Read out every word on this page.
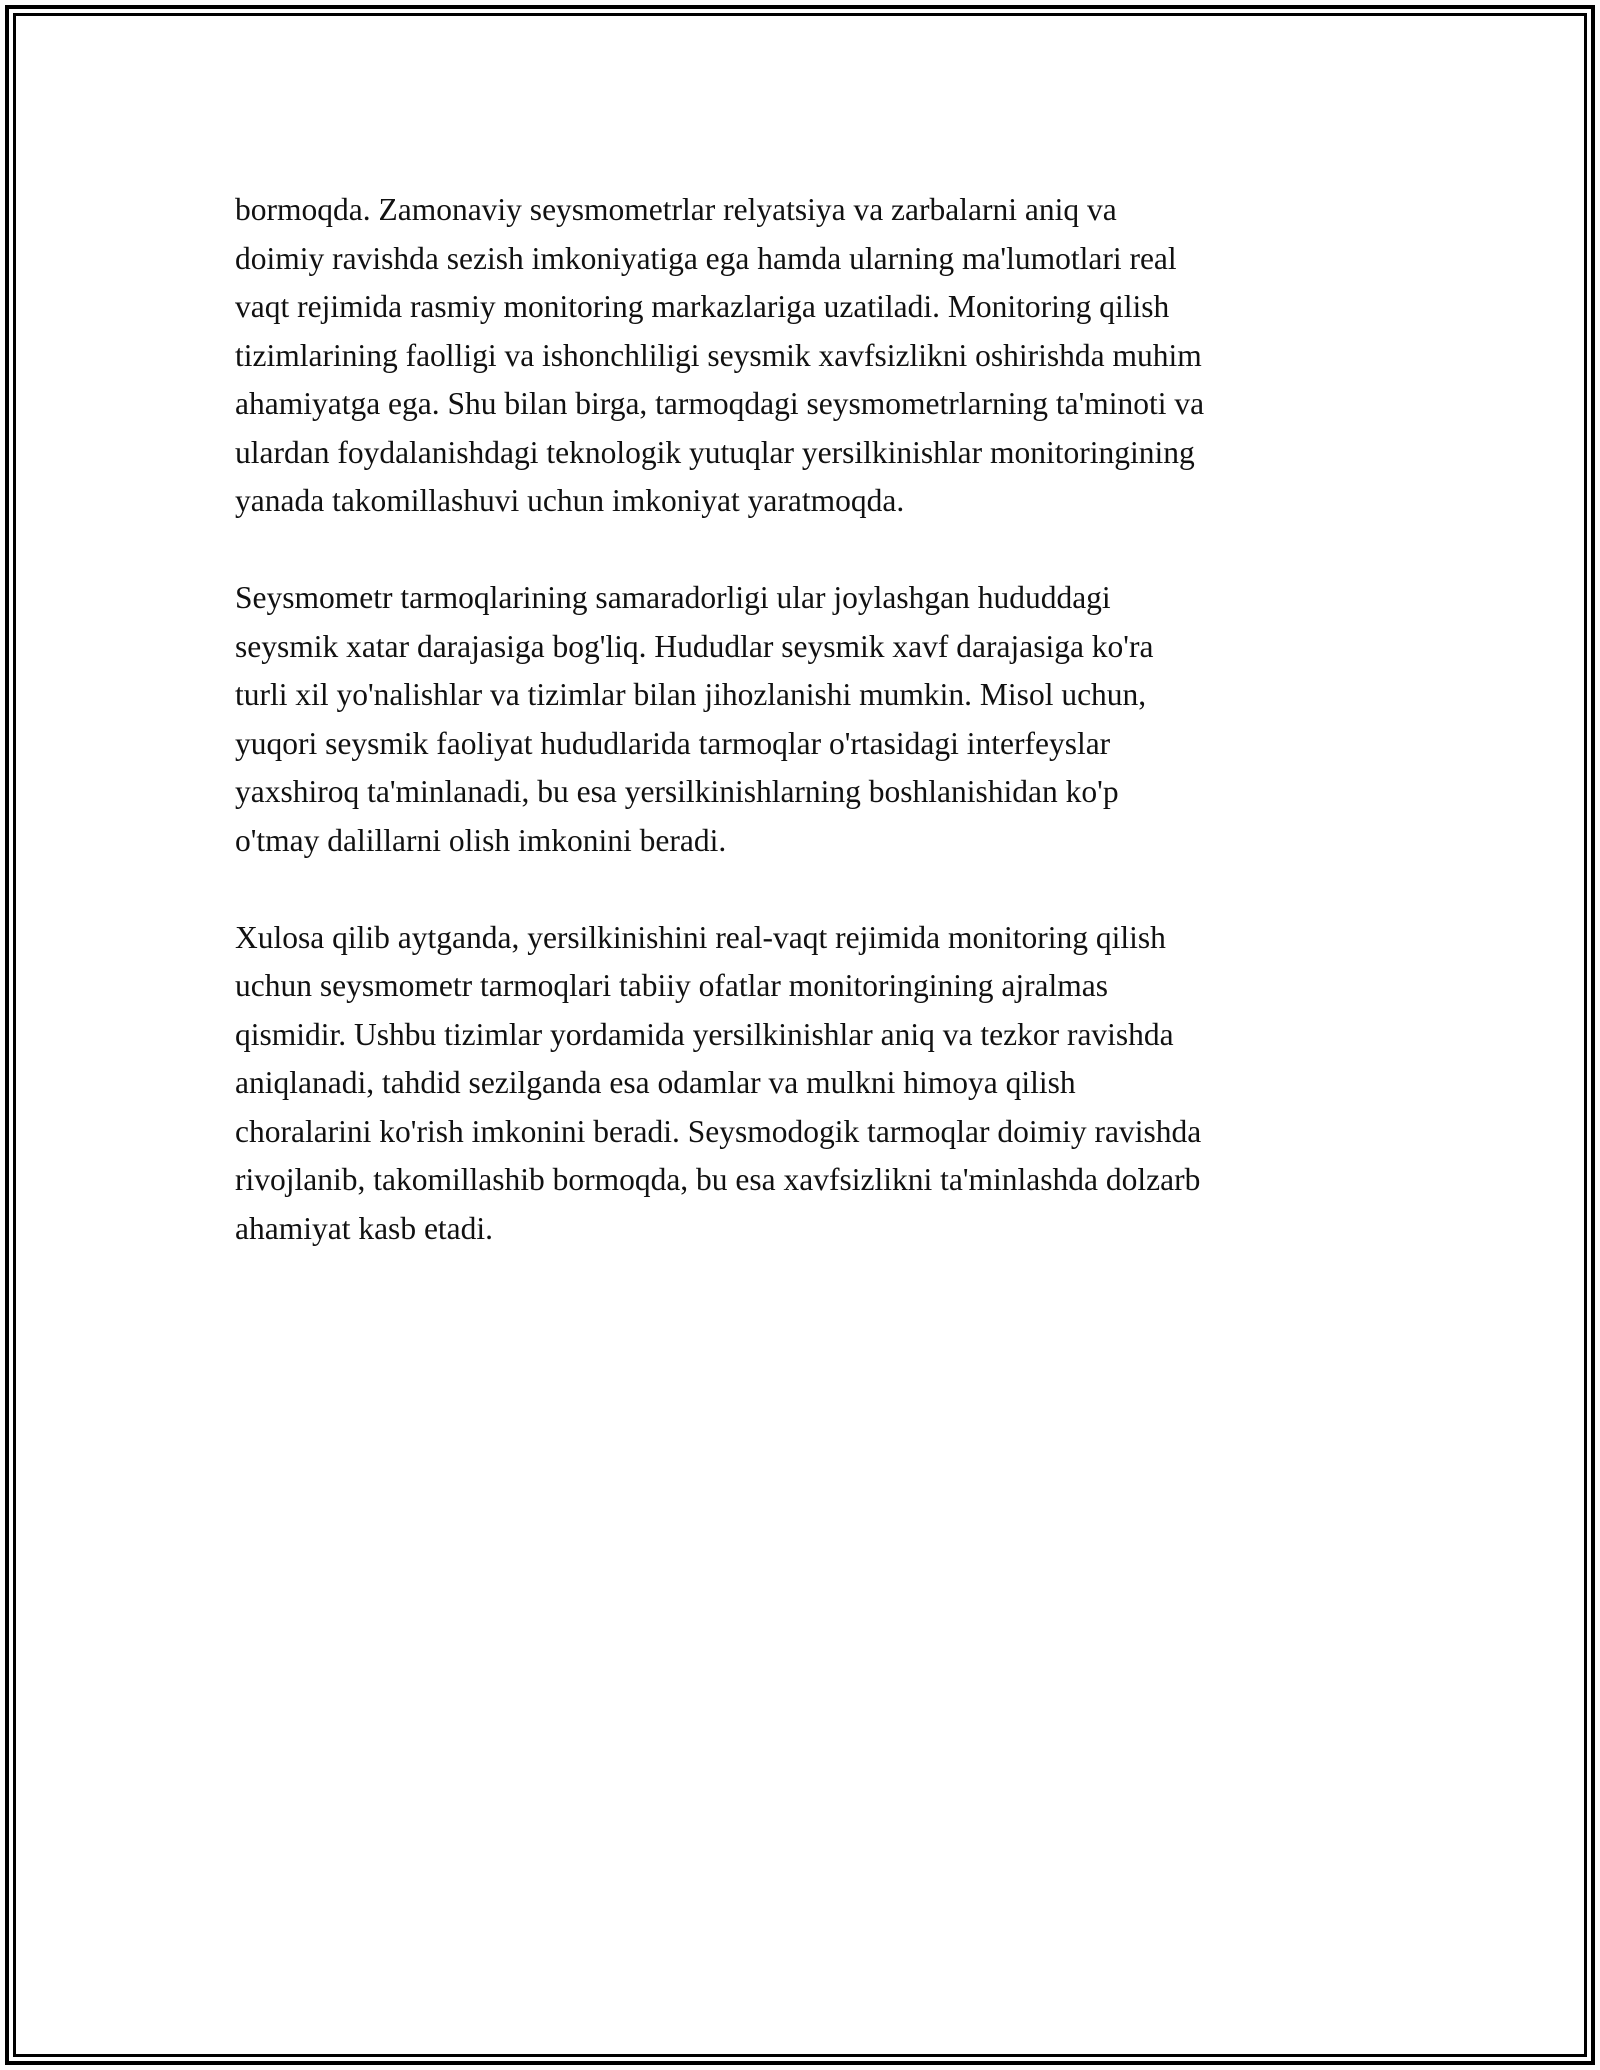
bormoqda. Zamonaviy seysmometrlar relyatsiya va zarbalarni aniq va
doimiy ravishda sezish imkoniyatiga ega hamda ularning ma'lumotlari real
vaqt rejimida rasmiy monitoring markazlariga uzatiladi. Monitoring qilish
tizimlarining faolligi va ishonchliligi seysmik xavfsizlikni oshirishda muhim
ahamiyatga ega. Shu bilan birga, tarmoqdagi seysmometrlarning ta'minoti va
ulardan foydalanishdagi teknologik yutuqlar yersilkinishlar monitoringining
yanada takomillashuvi uchun imkoniyat yaratmoqda.

Seysmometr tarmoqlarining samaradorligi ular joylashgan hududdagi
seysmik xatar darajasiga bog'liq. Hududlar seysmik xavf darajasiga ko'ra
turli xil yo'nalishlar va tizimlar bilan jihozlanishi mumkin. Misol uchun,
yuqori seysmik faoliyat hududlarida tarmoqlar o'rtasidagi interfeyslar
yaxshiroq ta'minlanadi, bu esa yersilkinishlarning boshlanishidan ko'p
o'tmay dalillarni olish imkonini beradi.

Xulosa qilib aytganda, yersilkinishini real-vaqt rejimida monitoring qilish
uchun seysmometr tarmoqlari tabiiy ofatlar monitoringining ajralmas
qismidir. Ushbu tizimlar yordamida yersilkinishlar aniq va tezkor ravishda
aniqlanadi, tahdid sezilganda esa odamlar va mulkni himoya qilish
choralarini ko'rish imkonini beradi. Seysmodogik tarmoqlar doimiy ravishda
rivojlanib, takomillashib bormoqda, bu esa xavfsizlikni ta'minlashda dolzarb
ahamiyat kasb etadi.
